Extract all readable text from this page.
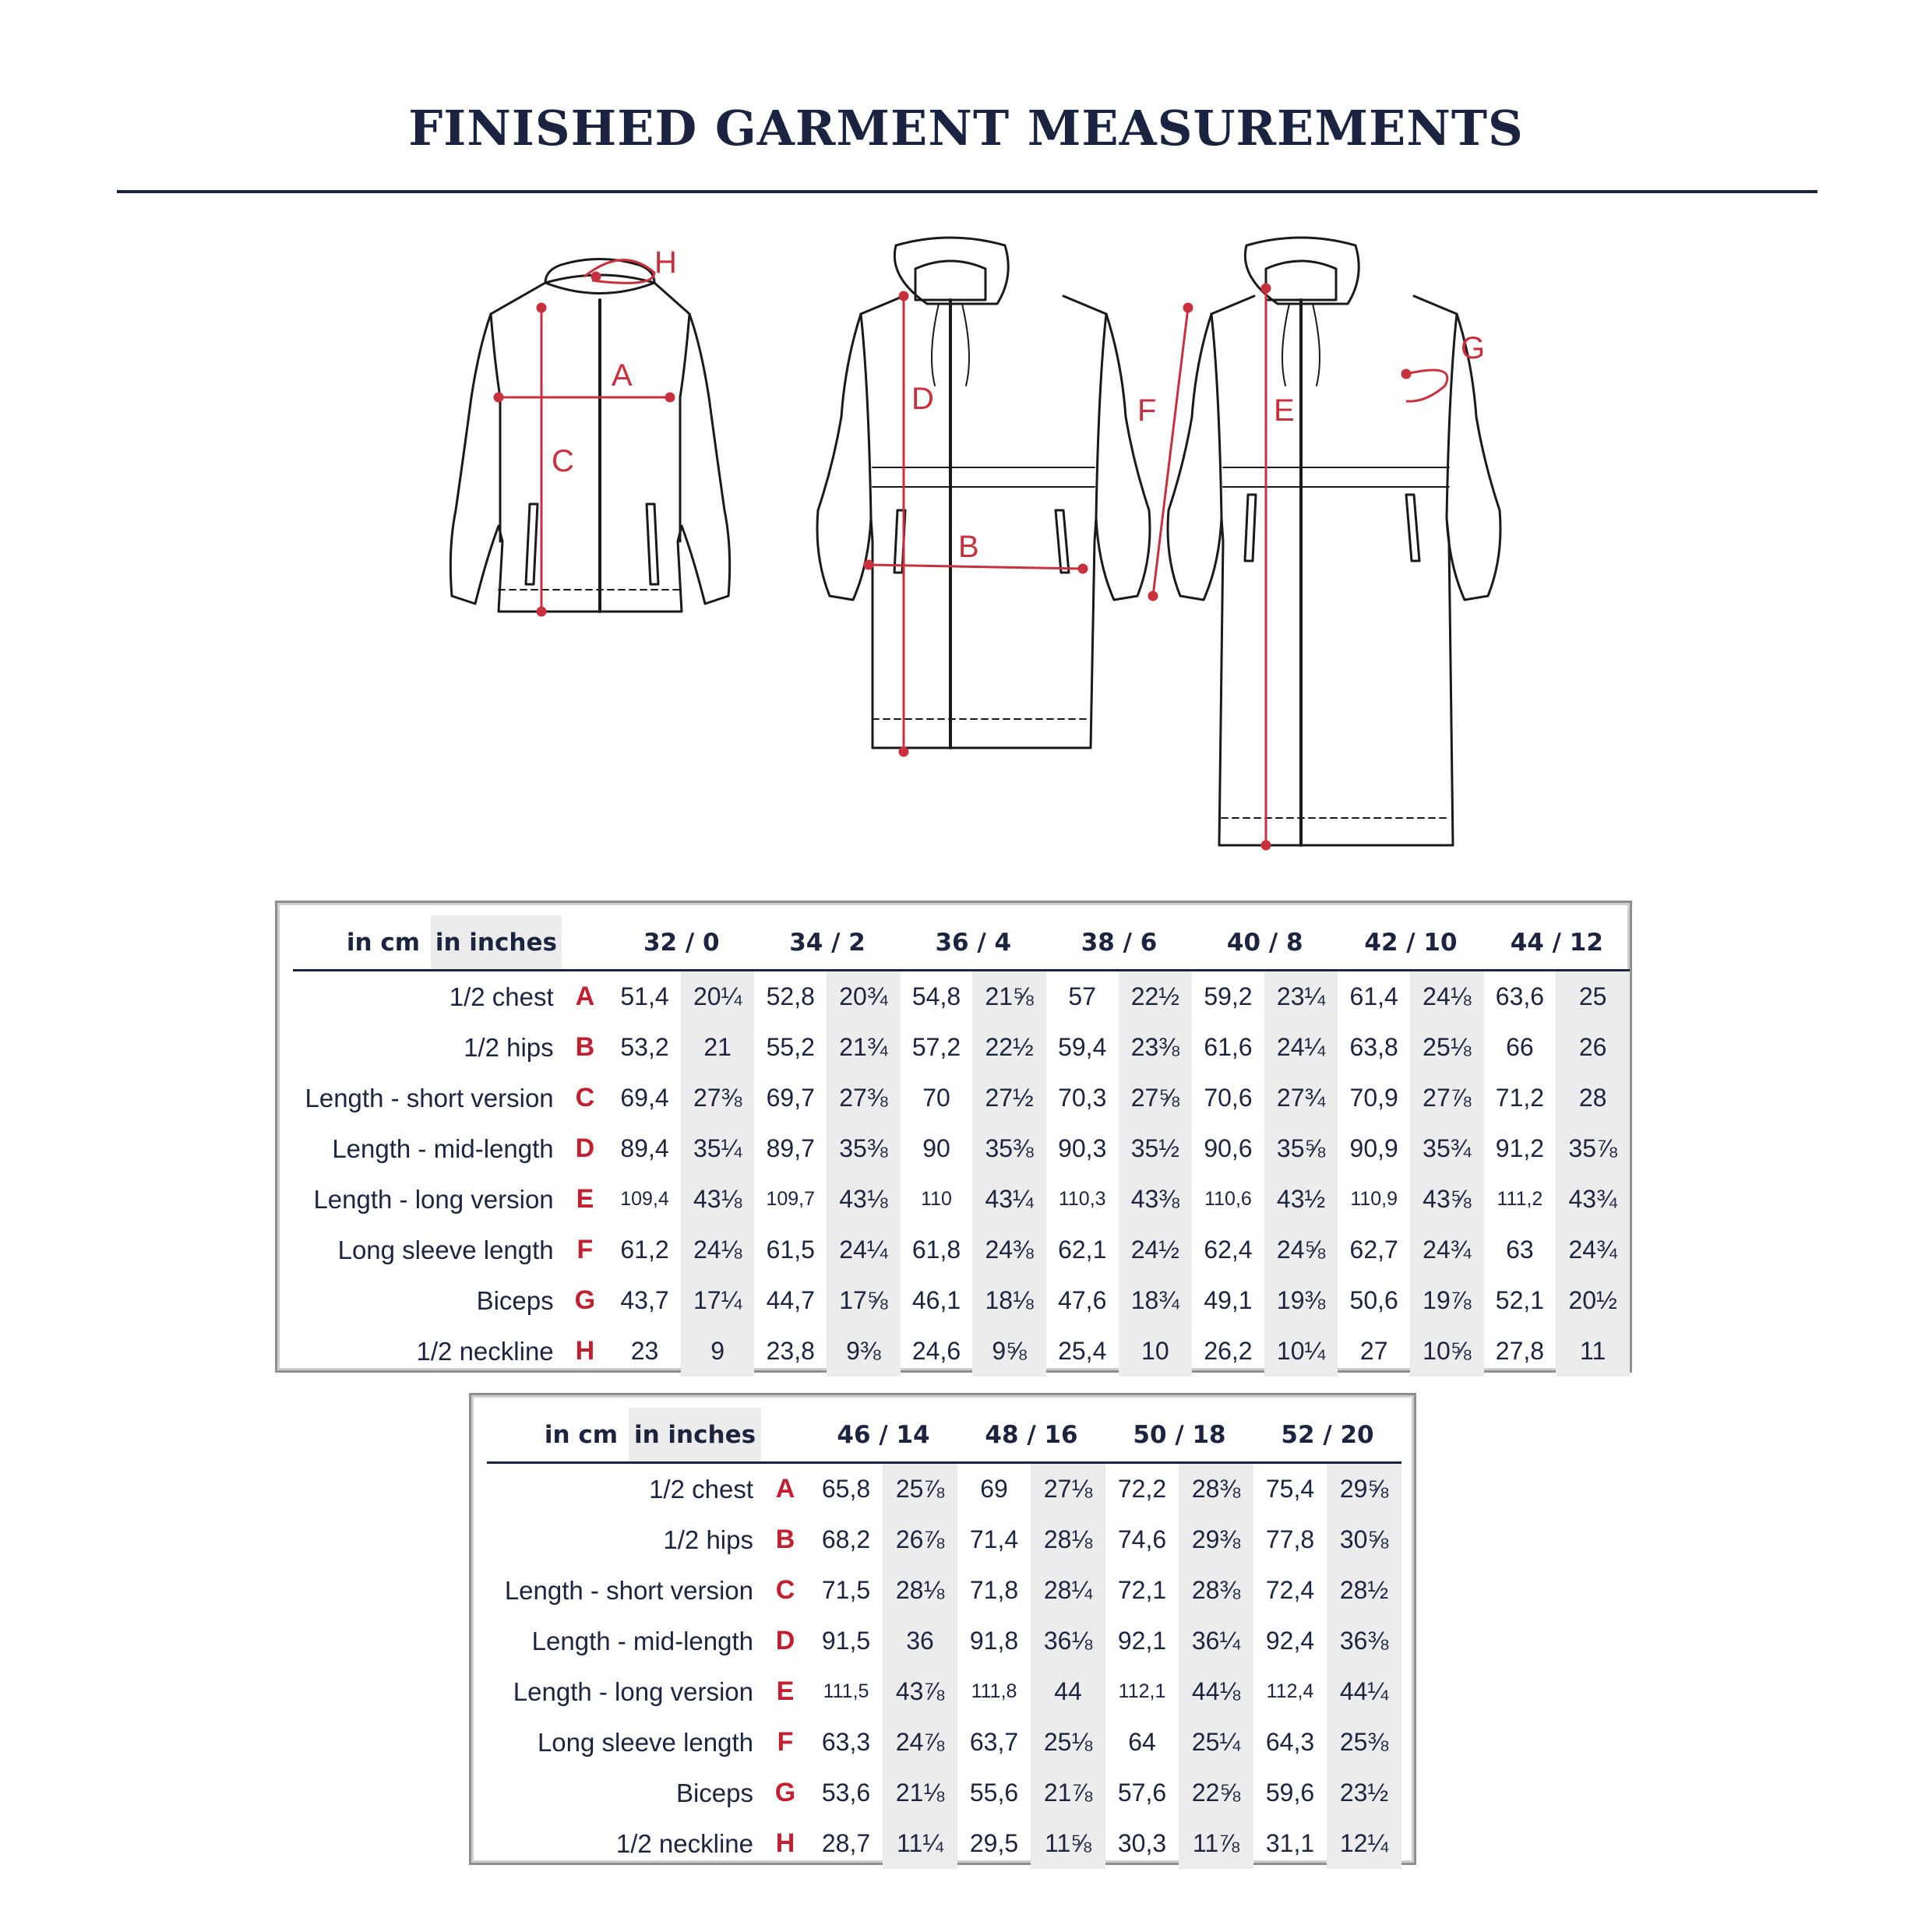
FINISHED GARMENT MEASUREMENTS
H
A
C
D
B
F	E
G
in cm	in inches		32 / 0		34 / 2		36 / 4		38 / 6		40 / 8		42 / 10		44 / 12	
1/2 chest		A	51,4	20¼	52,8	20¾	54,8	21⅝	57	22½	59,2	23¼	61,4	24⅛	63,6	25
1/2 hips		B	53,2	21	55,2	21¾	57,2	22½	59,4	23⅜	61,6	24¼	63,8	25⅛	66	26
Length - short version		C	69,4	27⅜	69,7	27⅜	70	27½	70,3	27⅝	70,6	27¾	70,9	27⅞	71,2	28
Length - mid-length		D	89,4	35¼	89,7	35⅜	90	35⅜	90,3	35½	90,6	35⅝	90,9	35¾	91,2	35⅞
Length - long version		E	109,4	43⅛	109,7	43⅛	110	43¼	110,3	43⅜	110,6	43½	110,9	43⅝	111,2	43¾
Long sleeve length		F	61,2	24⅛	61,5	24¼	61,8	24⅜	62,1	24½	62,4	24⅝	62,7	24¾	63	24¾
Biceps		G	43,7	17¼	44,7	17⅝	46,1	18⅛	47,6	18¾	49,1	19⅜	50,6	19⅞	52,1	20½
1/2 neckline		H	23	9	23,8	9⅜	24,6	9⅝	25,4	10	26,2	10¼	27	10⅝	27,8	11
in cm	in inches		46 / 14		48 / 16		50 / 18		52 / 20	
1/2 chest		A	65,8	25⅞	69	27⅛	72,2	28⅜	75,4	29⅝
1/2 hips		B	68,2	26⅞	71,4	28⅛	74,6	29⅜	77,8	30⅝
Length - short version		C	71,5	28⅛	71,8	28¼	72,1	28⅜	72,4	28½
Length - mid-length		D	91,5	36	91,8	36⅛	92,1	36¼	92,4	36⅜
Length - long version		E	111,5	43⅞	111,8	44	112,1	44⅛	112,4	44¼
Long sleeve length		F	63,3	24⅞	63,7	25⅛	64	25¼	64,3	25⅜
Biceps		G	53,6	21⅛	55,6	21⅞	57,6	22⅝	59,6	23½
1/2 neckline		H	28,7	11¼	29,5	11⅝	30,3	11⅞	31,1	12¼
